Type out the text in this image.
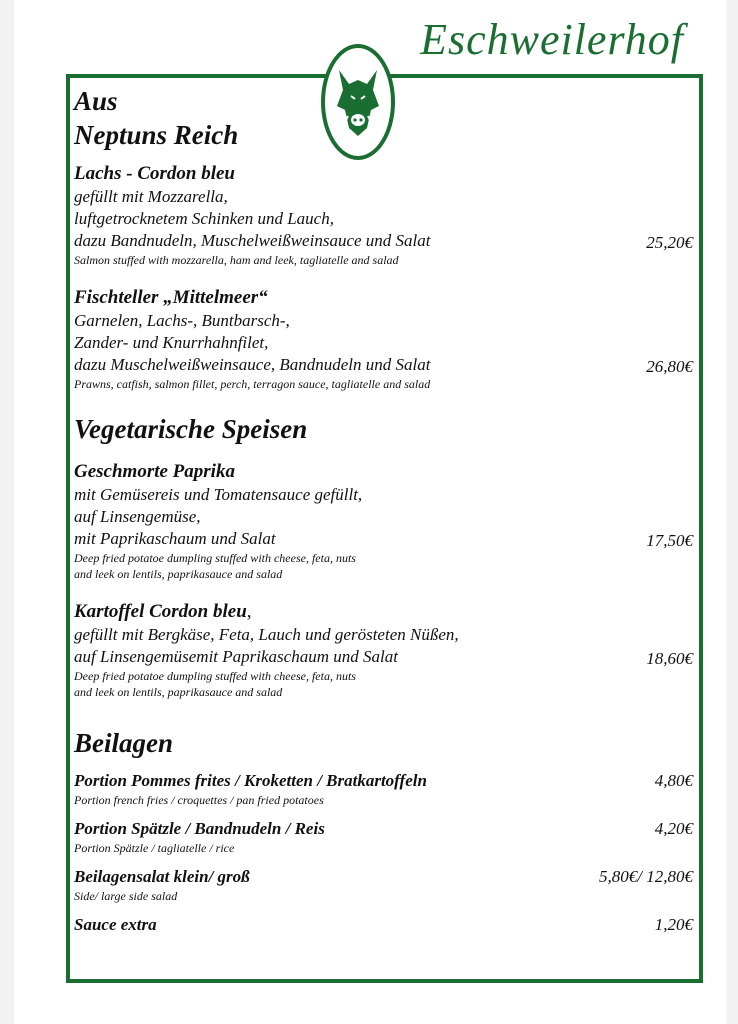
Eschweilerhof
Aus
Neptuns Reich
Lachs - Cordon bleu
gefüllt mit Mozzarella,
luftgetrocknetem Schinken und Lauch,
dazu Bandnudeln, Muschelweißweinsauce und Salat	25,20€
Salmon stuffed with mozzarella, ham and leek, tagliatelle and salad
Fischteller „Mittelmeer“
Garnelen, Lachs-, Buntbarsch-,
Zander- und Knurrhahnfilet,
dazu Muschelweißweinsauce, Bandnudeln und Salat	26,80€
Prawns, catfish, salmon fillet, perch, terragon sauce, tagliatelle and salad
Vegetarische Speisen
Geschmorte Paprika
mit Gemüsereis und Tomatensauce gefüllt,
auf Linsengemüse,
mit Paprikaschaum und Salat	17,50€
Deep fried potatoe dumpling stuffed with cheese, feta, nuts
and leek on lentils, paprikasauce and salad
Kartoffel Cordon bleu,
gefüllt mit Bergkäse, Feta, Lauch und gerösteten Nüßen,
auf Linsengemüsemit Paprikaschaum und Salat	18,60€
Deep fried potatoe dumpling stuffed with cheese, feta, nuts
and leek on lentils, paprikasauce and salad
Beilagen
Portion Pommes frites / Kroketten / Bratkartoffeln	4,80€
Portion french fries / croquettes / pan fried potatoes
Portion Spätzle / Bandnudeln / Reis	4,20€
Portion Spätzle / tagliatelle / rice
Beilagensalat klein/ groß	5,80€/ 12,80€
Side/ large side salad
Sauce extra	1,20€
